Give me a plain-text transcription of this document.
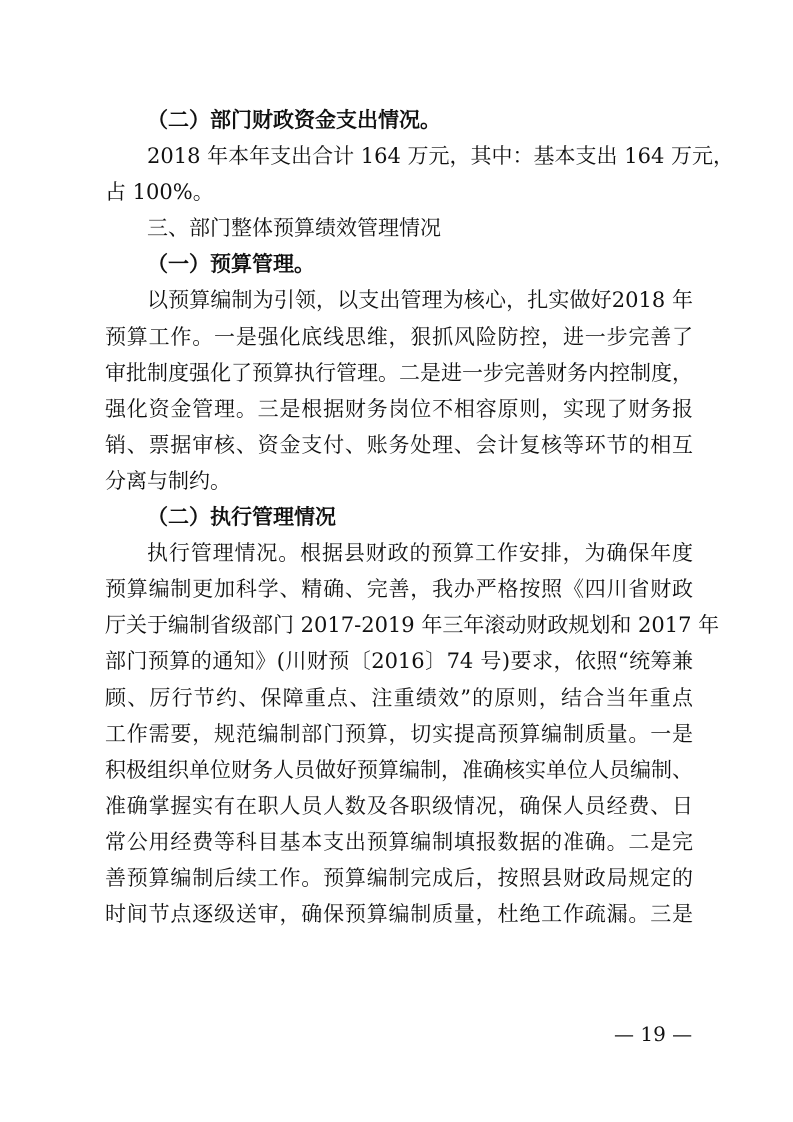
（二）部门财政资金支出情况。

2018 年本年支出合计 164 万元，其中：基本支出 164 万元，
占 100%。

三、部门整体预算绩效管理情况

（一）预算管理。

以预算编制为引领，以支出管理为核心，扎实做好2018 年
预算工作。一是强化底线思维，狠抓风险防控，进一步完善了
审批制度强化了预算执行管理。二是进一步完善财务内控制度，
强化资金管理。三是根据财务岗位不相容原则，实现了财务报
销、票据审核、资金支付、账务处理、会计复核等环节的相互
分离与制约。

（二）执行管理情况

执行管理情况。根据县财政的预算工作安排，为确保年度
预算编制更加科学、精确、完善，我办严格按照《四川省财政
厅关于编制省级部门 2017-2019 年三年滚动财政规划和 2017 年
部门预算的通知》(川财预〔2016〕74 号)要求，依照“统筹兼
顾、厉行节约、保障重点、注重绩效”的原则，结合当年重点
工作需要，规范编制部门预算，切实提高预算编制质量。一是
积极组织单位财务人员做好预算编制，准确核实单位人员编制、
准确掌握实有在职人员人数及各职级情况，确保人员经费、日
常公用经费等科目基本支出预算编制填报数据的准确。二是完
善预算编制后续工作。预算编制完成后，按照县财政局规定的
时间节点逐级送审，确保预算编制质量，杜绝工作疏漏。三是

— 19 —
